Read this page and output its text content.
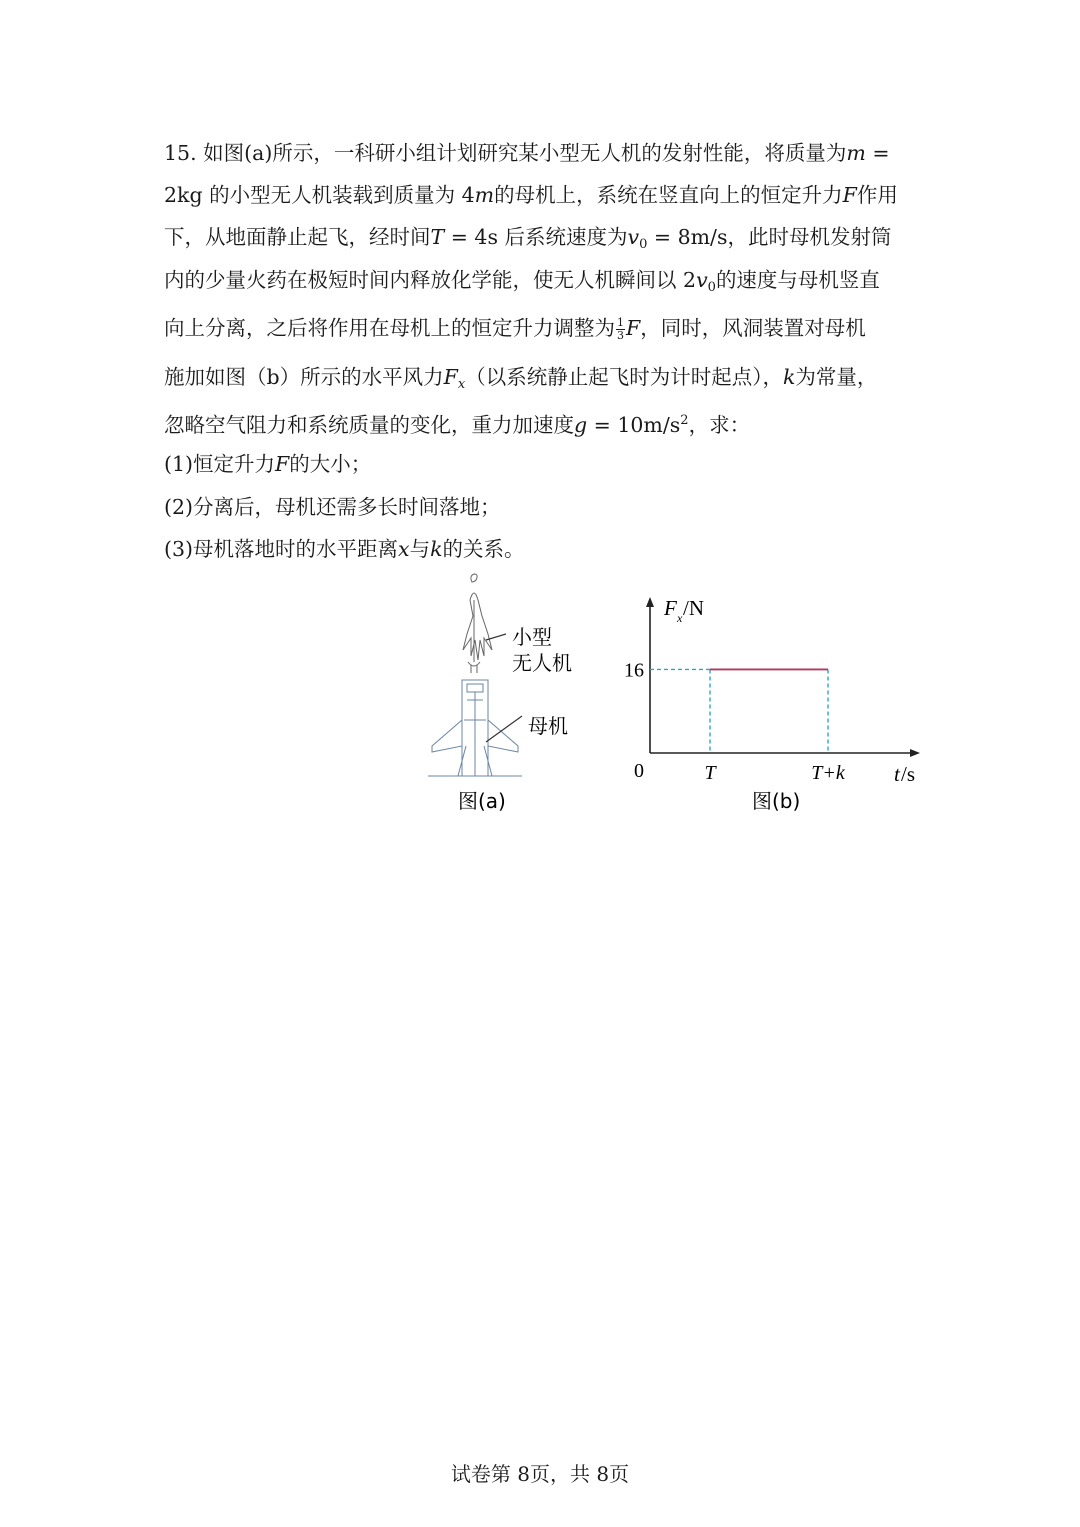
15. 如图(a)所示，一科研小组计划研究某小型无人机的发射性能，将质量为m =
2kg 的小型无人机装载到质量为 4m的母机上，系统在竖直向上的恒定升力F作用
下，从地面静止起飞，经时间T = 4s 后系统速度为$v_0 = 8m/s$，此时母机发射筒
内的少量火药在极短时间内释放化学能，使无人机瞬间以 $2v_0$的速度与母机竖直
向上分离，之后将作用在母机上的恒定升力调整为 $\frac{1}{3}$ F，同时，风洞装置对母机
施加如图（b）所示的水平风力$F_x$（以系统静止起飞时为计时起点），k为常量，
忽略空气阻力和系统质量的变化，重力加速度$g = 10m/s^2$，求：
(1)恒定升力F的大小；
(2)分离后，母机还需多长时间落地；
(3)母机落地时的水平距离x与k的关系。
小型
无人机
母机
图(a)
F x /N
t /s
0
16
T	T+k
图(b)
试卷第 8页，共 8页
